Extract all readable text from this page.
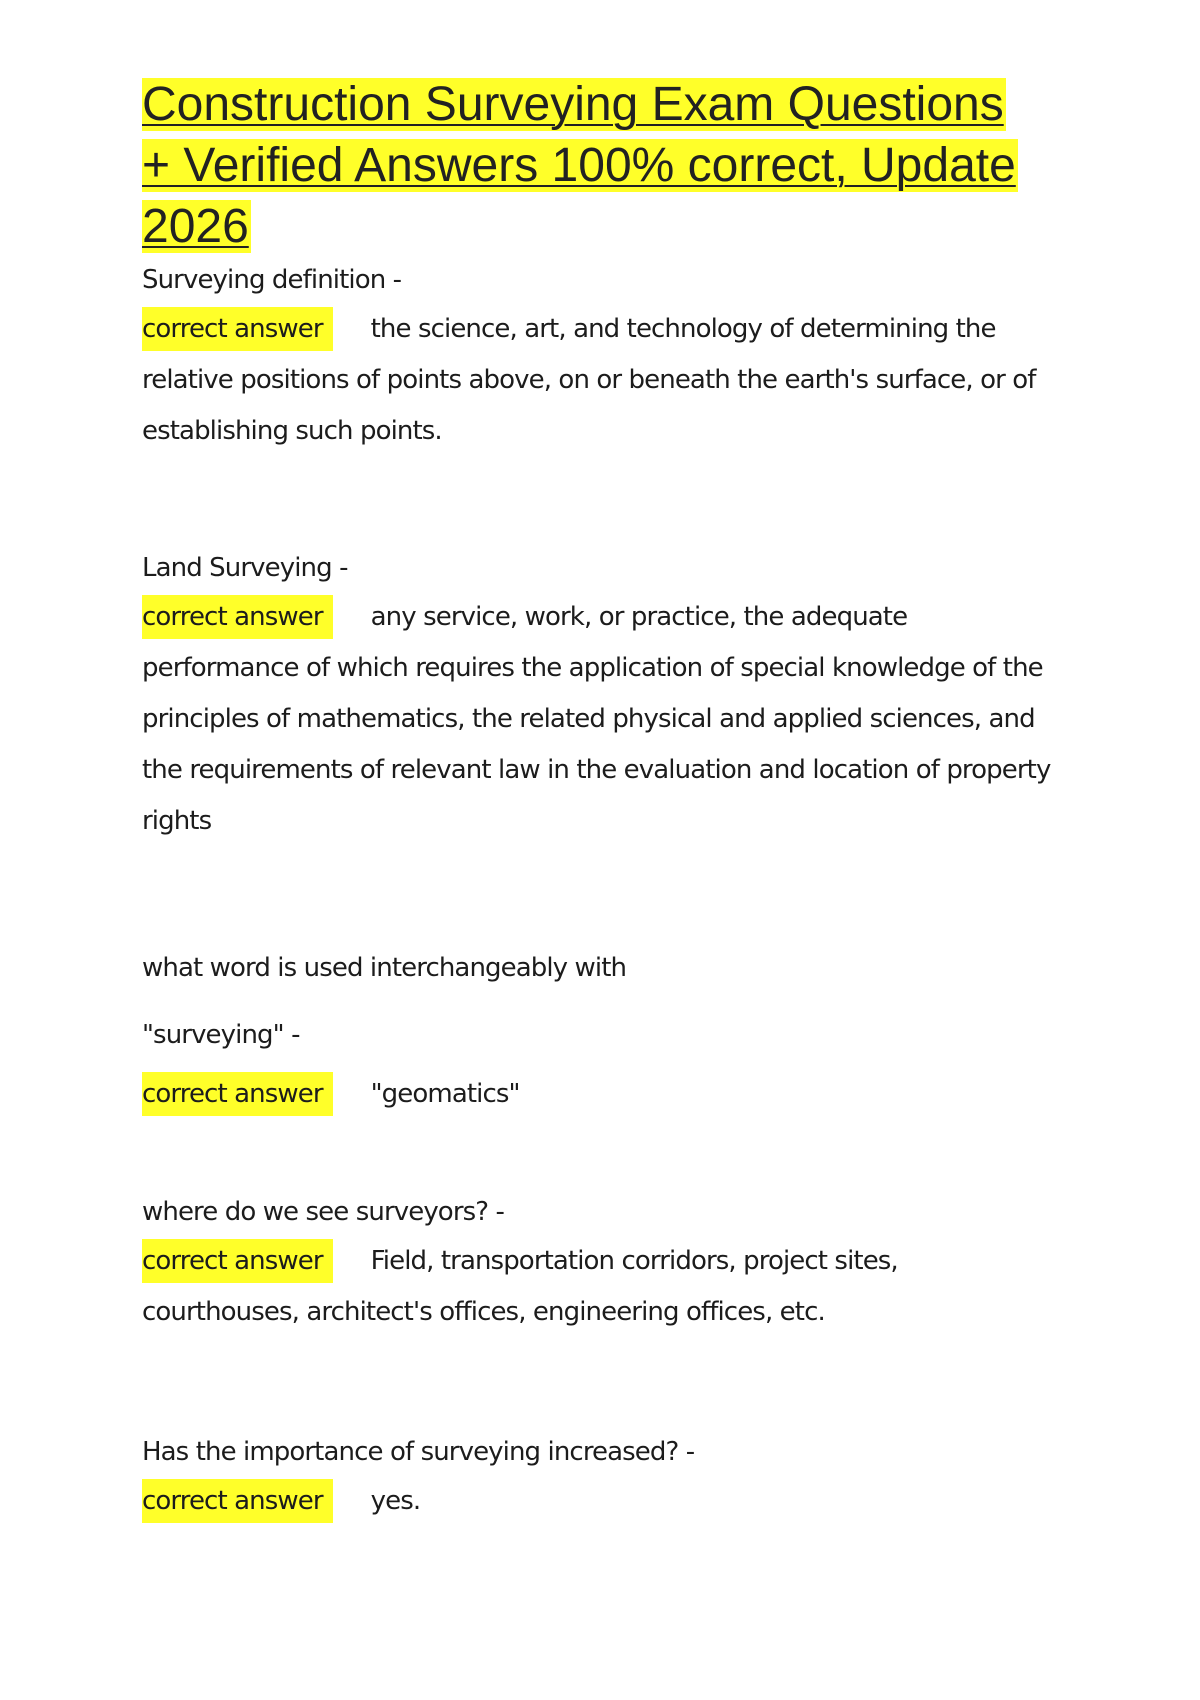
Construction Surveying Exam Questions + Verified Answers 100% correct, Update 2026

Surveying definition -

correct answer the science, art, and technology of determining the relative positions of points above, on or beneath the earth's surface, or of establishing such points.

Land Surveying -

correct answer any service, work, or practice, the adequate performance of which requires the application of special knowledge of the principles of mathematics, the related physical and applied sciences, and the requirements of relevant law in the evaluation and location of property rights

what word is used interchangeably with "surveying" -

correct answer "geomatics"

where do we see surveyors? -

correct answer Field, transportation corridors, project sites, courthouses, architect's offices, engineering offices, etc.

Has the importance of surveying increased? -

correct answer yes.
